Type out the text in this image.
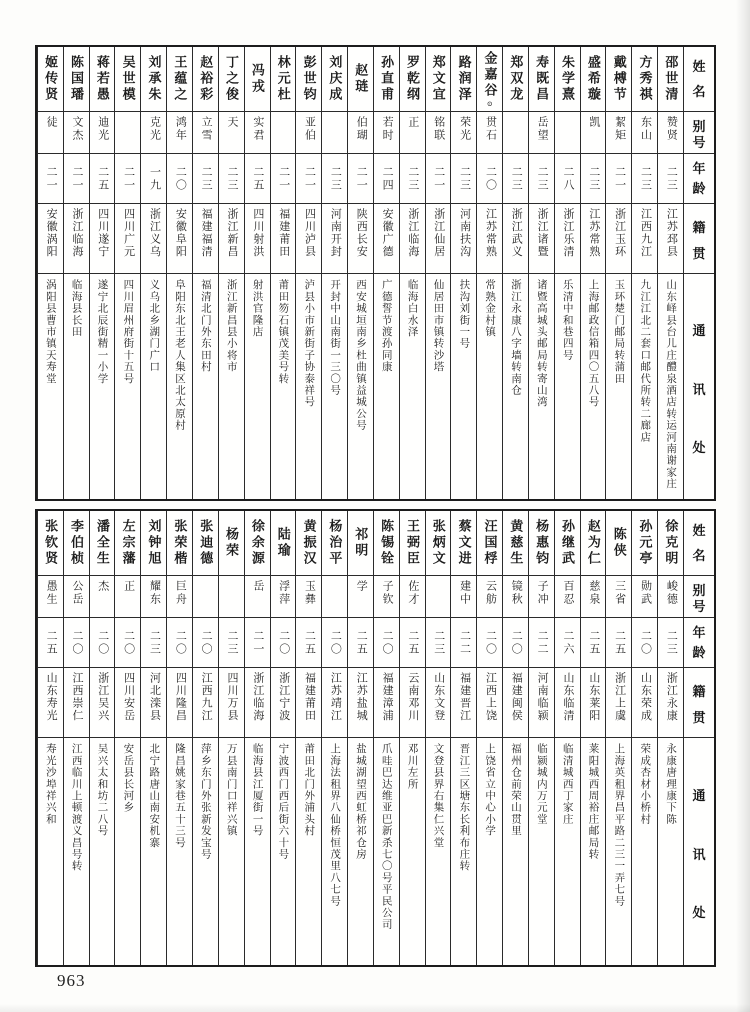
姓
名
别
号
年
龄
籍
贯
通
讯
处
邵世清
赞贤
二三
江苏邳县
山东峄县台儿庄醴泉酒店转运河南谢家庄
方秀祺
东山
二三
江西九江
九江江北二套口邮代所转二廊店
戴榑节
絜矩
二一
浙江玉环
玉环楚门邮局转蒲田
盛希璇
凯
二三
江苏常熟
上海邮政信箱四〇五八号
朱学熹
二八
浙江乐清
乐清中和巷四号
寿既昌
岳望
二三
浙江诸暨
诸暨高城头邮局转寄山湾
郑双龙
二三
浙江武义
浙江永康八字墙转南仓
金嘉谷
⊙
贯石
二〇
江苏常熟
常熟金村镇
路润泽
荣光
二三
河南扶沟
扶沟刘街一号
郑文宜
铭联
二一
浙江仙居
仙居田市镇转沙塔
罗乾纲
正
二三
浙江临海
临海白水泽
孙直甫
若时
二四
安徽广德
广德誓节渡孙同康
赵琏
伯瑚
二一
陕西长安
西安城垣南乡杜曲镇益城公号
刘庆成
二三
河南开封
开封中山南街一三〇号
彭世钧
亚伯
二一
四川泸县
泸县小市新街子协泰祥号
林元杜
二一
福建莆田
莆田笏石镇茂美号转
冯戎
实君
二五
四川射洪
射洪官隆店
丁之俊
天
二三
浙江新昌
浙江新昌县小将市
赵裕彩
立雪
二三
福建福清
福清北门外东田村
王蕴之
鸿年
二〇
安徽阜阳
阜阳东北王老人集区北太原村
刘承朱
克光
一九
浙江义乌
义乌北乡湖门广口
吴世模
二一
四川广元
四川眉州府街十五号
蒋若愚
迪光
二五
四川遂宁
遂宁北辰街精一小学
陈国璠
文杰
二一
浙江临海
临海县长田
姬传贤
徒
二一
安徽涡阳
涡阳县曹市镇天寿堂
姓
名
别
号
年
龄
籍
贯
通
讯
处
徐克明
峻德
二三
浙江永康
永康唐理康下陈
孙元亭
勋武
二〇
山东荣成
荣成杏材小桥村
陈侠
三省
二五
浙江上虞
上海英租界昌平路二三一弄七号
赵为仁
慈泉
二五
山东莱阳
莱阳城西周裕庄邮局转
孙继武
百忍
二六
山东临清
临清城西丁家庄
杨惠钧
子冲
二二
河南临颍
临颍城内万元堂
黄慈生
镜秋
二〇
福建闽侯
福州仓前荣山贯里
汪国桴
云舫
二〇
江西上饶
上饶省立中心小学
蔡文进
建中
二二
福建晋江
晋江三区塘东长利布庄转
张炳文
二三
山东文登
文登县界右集仁兴堂
王弼臣
佐才
二五
云南邓川
邓川左所
陈锡铨
子钦
二〇
福建漳浦
爪哇巴达维亚巴新杀七〇号平民公司
祁明
学
二五
江苏盐城
盐城湖望西虹桥祁仓房
杨治平
二〇
江苏靖江
上海法租界八仙桥恒茂里八七号
黄振汉
玉彝
二五
福建莆田
莆田北门外浦头村
陆瑜
浮萍
二〇
浙江宁波
宁波西门西后街六十号
徐余源
岳
二一
浙江临海
临海县江厦街一号
杨荣
二三
四川万县
万县南门口祥兴镇
张迪德
二〇
江西九江
萍乡东门外张新发宝号
张荣楷
巨舟
二〇
四川隆昌
隆昌姚家巷五十三号
刘钟旭
耀东
二三
河北滦县
北宁路唐山南安机寨
左宗藩
正
二〇
四川安岳
安岳县长河乡
潘全生
杰
二〇
浙江吴兴
吴兴太和坊二八号
李伯桢
公岳
二〇
江西崇仁
江西临川上顿渡义昌号转
张钦贤
愚生
二五
山东寿光
寿光沙埠祥兴和
963
